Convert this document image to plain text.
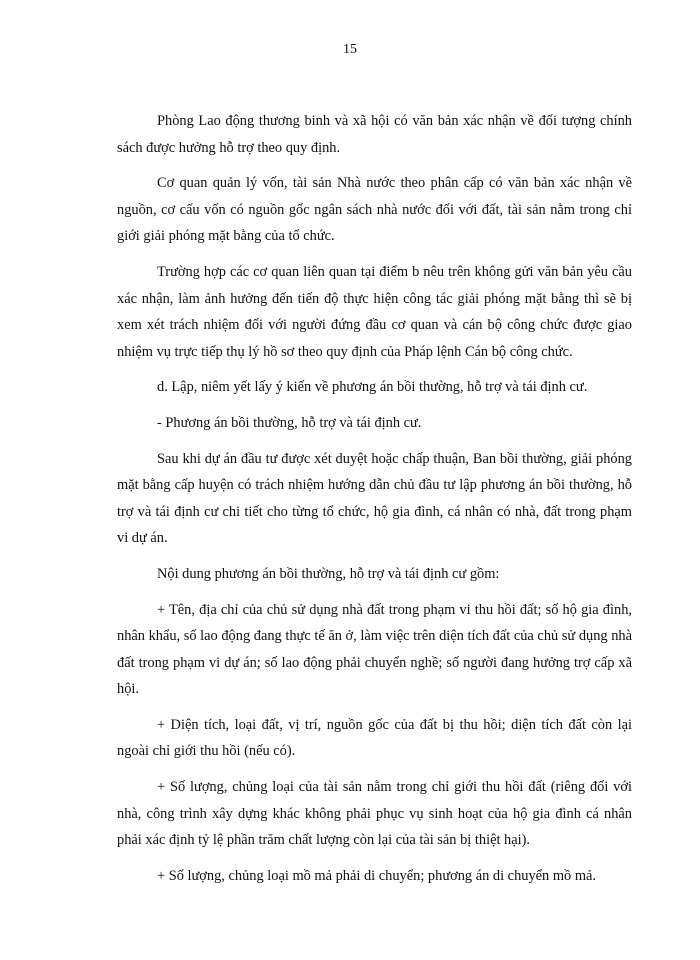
15

Phòng Lao động thương binh và xã hội có văn bản xác nhận về đối tượng chính sách được hưởng hỗ trợ theo quy định.

Cơ quan quản lý vốn, tài sản Nhà nước theo phân cấp có văn bản xác nhận về nguồn, cơ cấu vốn có nguồn gốc ngân sách nhà nước đối với đất, tài sản nằm trong chỉ giới giải phóng mặt bằng của tổ chức.

Trường hợp các cơ quan liên quan tại điểm b nêu trên không gửi văn bản yêu cầu xác nhận, làm ảnh hưởng đến tiến độ thực hiện công tác giải phóng mặt bằng thì sẽ bị xem xét trách nhiệm đối với người đứng đầu cơ quan và cán bộ công chức được giao nhiệm vụ trực tiếp thụ lý hồ sơ theo quy định của Pháp lệnh Cán bộ công chức.

d. Lập, niêm yết lấy ý kiến về phương án bồi thường, hỗ trợ và tái định cư.

- Phương án bồi thường, hỗ trợ và tái định cư.

Sau khi dự án đầu tư được xét duyệt hoặc chấp thuận, Ban bồi thường, giải phóng mặt bằng cấp huyện có trách nhiệm hướng dẫn chủ đầu tư lập phương án bồi thường, hỗ trợ và tái định cư chi tiết cho từng tổ chức, hộ gia đình, cá nhân có nhà, đất trong phạm vi dự án.

Nội dung phương án bồi thường, hỗ trợ và tái định cư gồm:

+ Tên, địa chỉ của chủ sử dụng nhà đất trong phạm vi thu hồi đất; số hộ gia đình, nhân khẩu, số lao động đang thực tế ăn ở, làm việc trên diện tích đất của chủ sử dụng nhà đất trong phạm vi dự án; số lao động phải chuyển nghề; số người đang hưởng trợ cấp xã hội.

+ Diện tích, loại đất, vị trí, nguồn gốc của đất bị thu hồi; diện tích đất còn lại ngoài chỉ giới thu hồi (nếu có).

+ Số lượng, chủng loại của tài sản nằm trong chỉ giới thu hồi đất (riêng đối với nhà, công trình xây dựng khác không phải phục vụ sinh hoạt của hộ gia đình cá nhân phải xác định tỷ lệ phần trăm chất lượng còn lại của tài sản bị thiệt hại).

+ Số lượng, chủng loại mồ mả phải di chuyển; phương án di chuyển mồ mả.
